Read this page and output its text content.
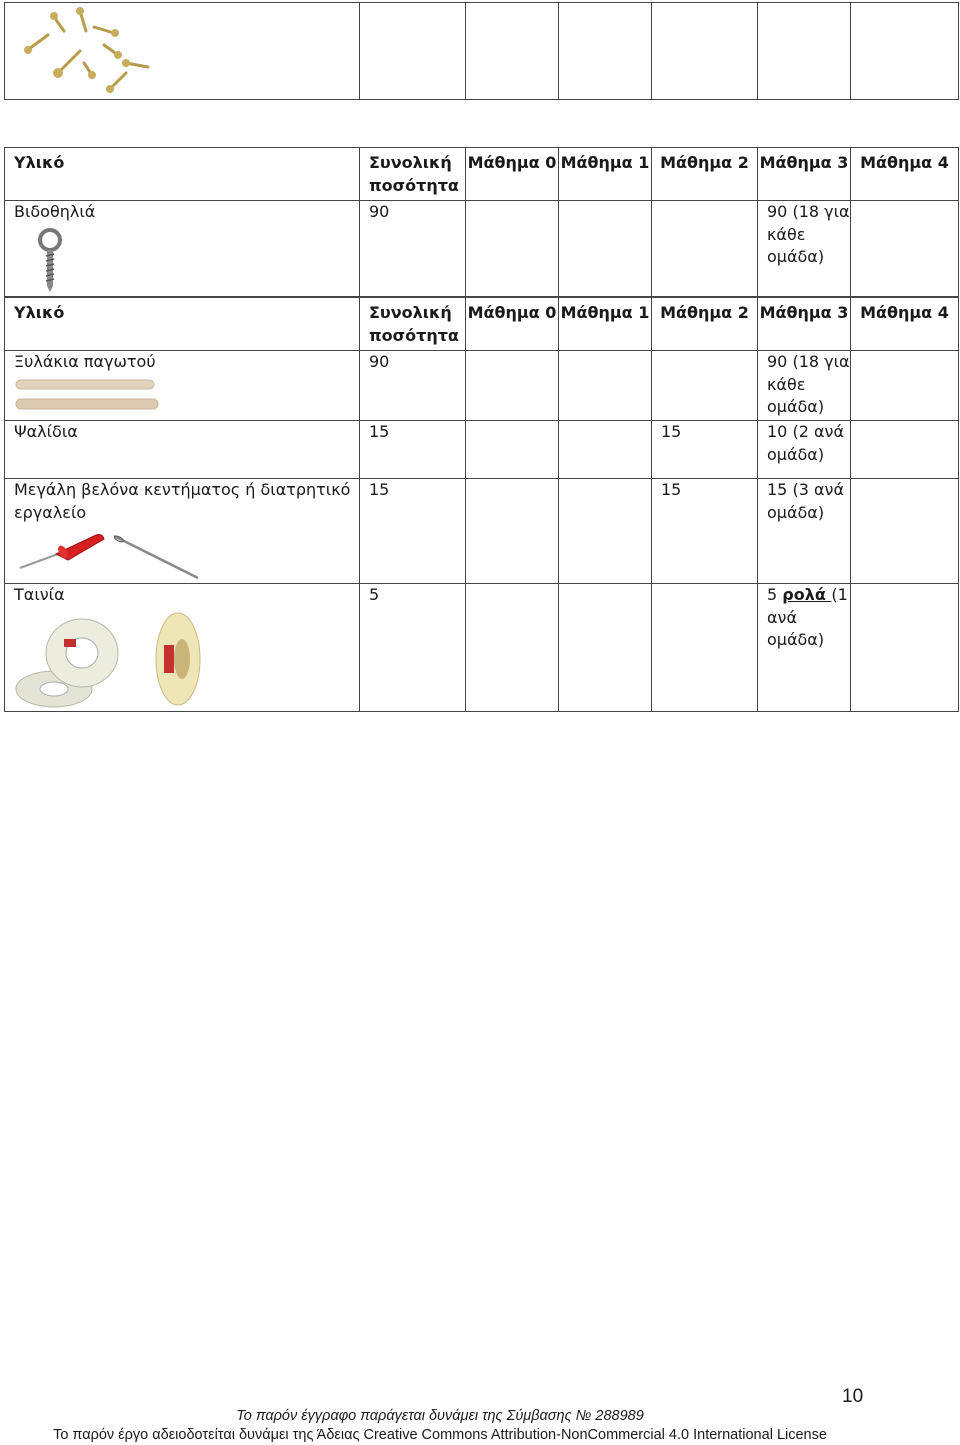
Υλικό	Συνολική ποσότητα	Μάθημα 0	Μάθημα 1	Μάθημα 2	Μάθημα 3	Μάθημα 4

Βιδοθηλιά	90				90 (18 για κάθε ομάδα)	
Υλικό	Συνολική ποσότητα	Μάθημα 0	Μάθημα 1	Μάθημα 2	Μάθημα 3	Μάθημα 4

Ξυλάκια παγωτού	90				90 (18 για κάθε ομάδα)	
Ψαλίδια	15			15	10 (2 ανά ομάδα)	

Μεγάλη βελόνα κεντήματος ή διατρητικό εργαλείο	15			15	15 (3 ανά ομάδα)	

Ταινία	5				5 ρολά (1 ανά ομάδα)	
10
Το παρόν έγγραφο παράγεται δυνάμει της Σύμβασης № 288989
Το παρόν έργο αδειοδοτείται δυνάμει της Άδειας Creative Commons Attribution-NonCommercial 4.0 International License
